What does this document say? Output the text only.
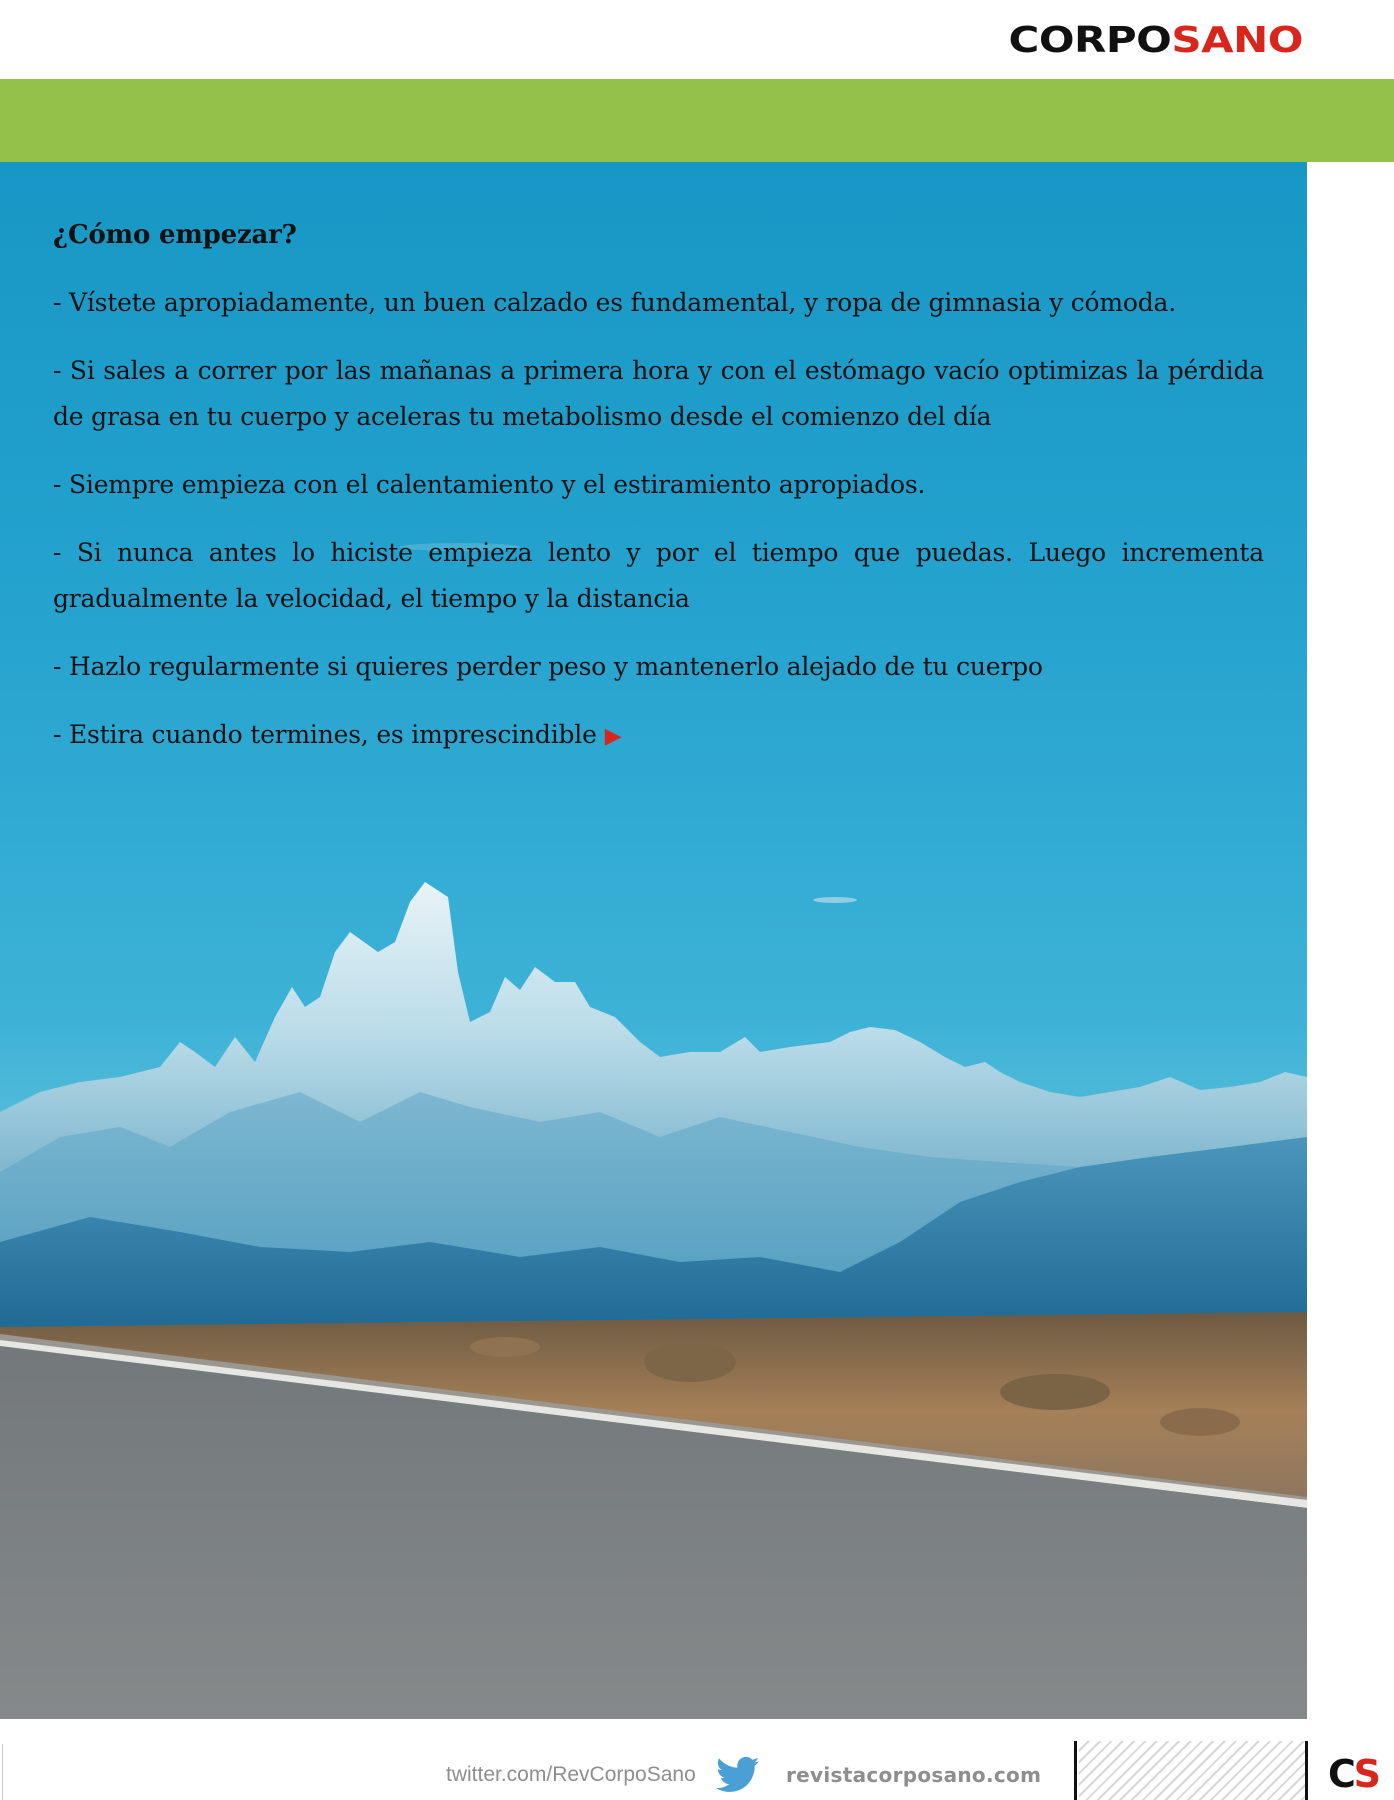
CORPOSANO
¿Cómo empezar?

- Vístete apropiadamente, un buen calzado es fundamental, y ropa de gimnasia y cómoda.

- Si sales a correr por las mañanas a primera hora y con el estómago vacío optimizas la pérdida de grasa en tu cuerpo y aceleras tu metabolismo desde el comienzo del día

- Siempre empieza con el calentamiento y el estiramiento apropiados.

- Si nunca antes lo hiciste empieza lento y por el tiempo que puedas. Luego incrementa gradualmente la velocidad, el tiempo y la distancia

- Hazlo regularmente si quieres perder peso y mantenerlo alejado de tu cuerpo

- Estira cuando termines, es imprescindible ▶

twitter.com/RevCorpoSano	revistacorposano.com	CS
